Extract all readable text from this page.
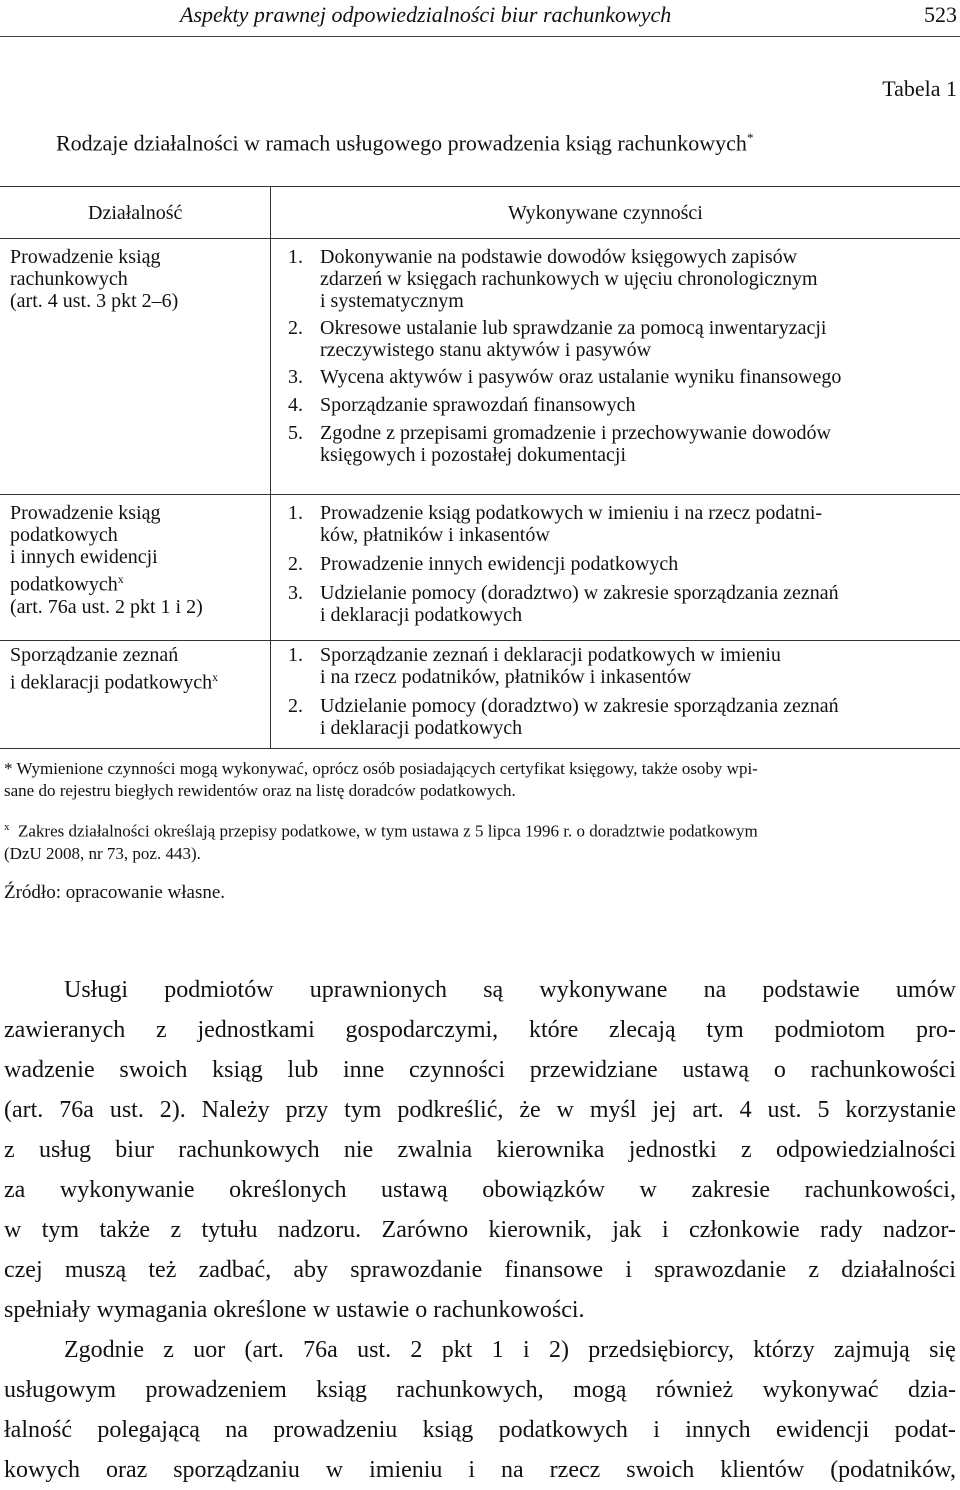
Aspekty prawnej odpowiedzialności biur rachunkowych	523
Tabela 1
Rodzaje działalności w ramach usługowego prowadzenia ksiąg rachunkowych*
Działalność	Wykonywane czynności
Prowadzenie ksiąg
rachunkowych
(art. 4 ust. 3 pkt 2–6)
1. Dokonywanie na podstawie dowodów księgowych zapisów
zdarzeń w księgach rachunkowych w ujęciu chronologicznym
i systematycznym
2. Okresowe ustalanie lub sprawdzanie za pomocą inwentaryzacji
rzeczywistego stanu aktywów i pasywów
3. Wycena aktywów i pasywów oraz ustalanie wyniku finansowego
4. Sporządzanie sprawozdań finansowych
5. Zgodne z przepisami gromadzenie i przechowywanie dowodów
księgowych i pozostałej dokumentacji
Prowadzenie ksiąg
podatkowych
i innych ewidencji
podatkowych$^x$
(art. 76a ust. 2 pkt 1 i 2)
1. Prowadzenie ksiąg podatkowych w imieniu i na rzecz podatni-
ków, płatników i inkasentów
2. Prowadzenie innych ewidencji podatkowych
3. Udzielanie pomocy (doradztwo) w zakresie sporządzania zeznań
i deklaracji podatkowych
Sporządzanie zeznań
i deklaracji podatkowych$^x$
1. Sporządzanie zeznań i deklaracji podatkowych w imieniu
i na rzecz podatników, płatników i inkasentów
2. Udzielanie pomocy (doradztwo) w zakresie sporządzania zeznań
i deklaracji podatkowych
* Wymienione czynności mogą wykonywać, oprócz osób posiadających certyfikat księgowy, także osoby wpi-
sane do rejestru biegłych rewidentów oraz na listę doradców podatkowych.
$^x$ Zakres działalności określają przepisy podatkowe, w tym ustawa z 5 lipca 1996 r. o doradztwie podatkowym
(DzU 2008, nr 73, poz. 443).
Źródło: opracowanie własne.
Usługi podmiotów uprawnionych są wykonywane na podstawie umów
zawieranych z jednostkami gospodarczymi, które zlecają tym podmiotom pro-
wadzenie swoich ksiąg lub inne czynności przewidziane ustawą o rachunkowości
(art. 76a ust. 2). Należy przy tym podkreślić, że w myśl jej art. 4 ust. 5 korzystanie
z usług biur rachunkowych nie zwalnia kierownika jednostki z odpowiedzialności
za wykonywanie określonych ustawą obowiązków w zakresie rachunkowości,
w tym także z tytułu nadzoru. Zarówno kierownik, jak i członkowie rady nadzor-
czej muszą też zadbać, aby sprawozdanie finansowe i sprawozdanie z działalności
spełniały wymagania określone w ustawie o rachunkowości.
Zgodnie z uor (art. 76a ust. 2 pkt 1 i 2) przedsiębiorcy, którzy zajmują się
usługowym prowadzeniem ksiąg rachunkowych, mogą również wykonywać dzia-
łalność polegającą na prowadzeniu ksiąg podatkowych i innych ewidencji podat-
kowych oraz sporządzaniu w imieniu i na rzecz swoich klientów (podatników,
